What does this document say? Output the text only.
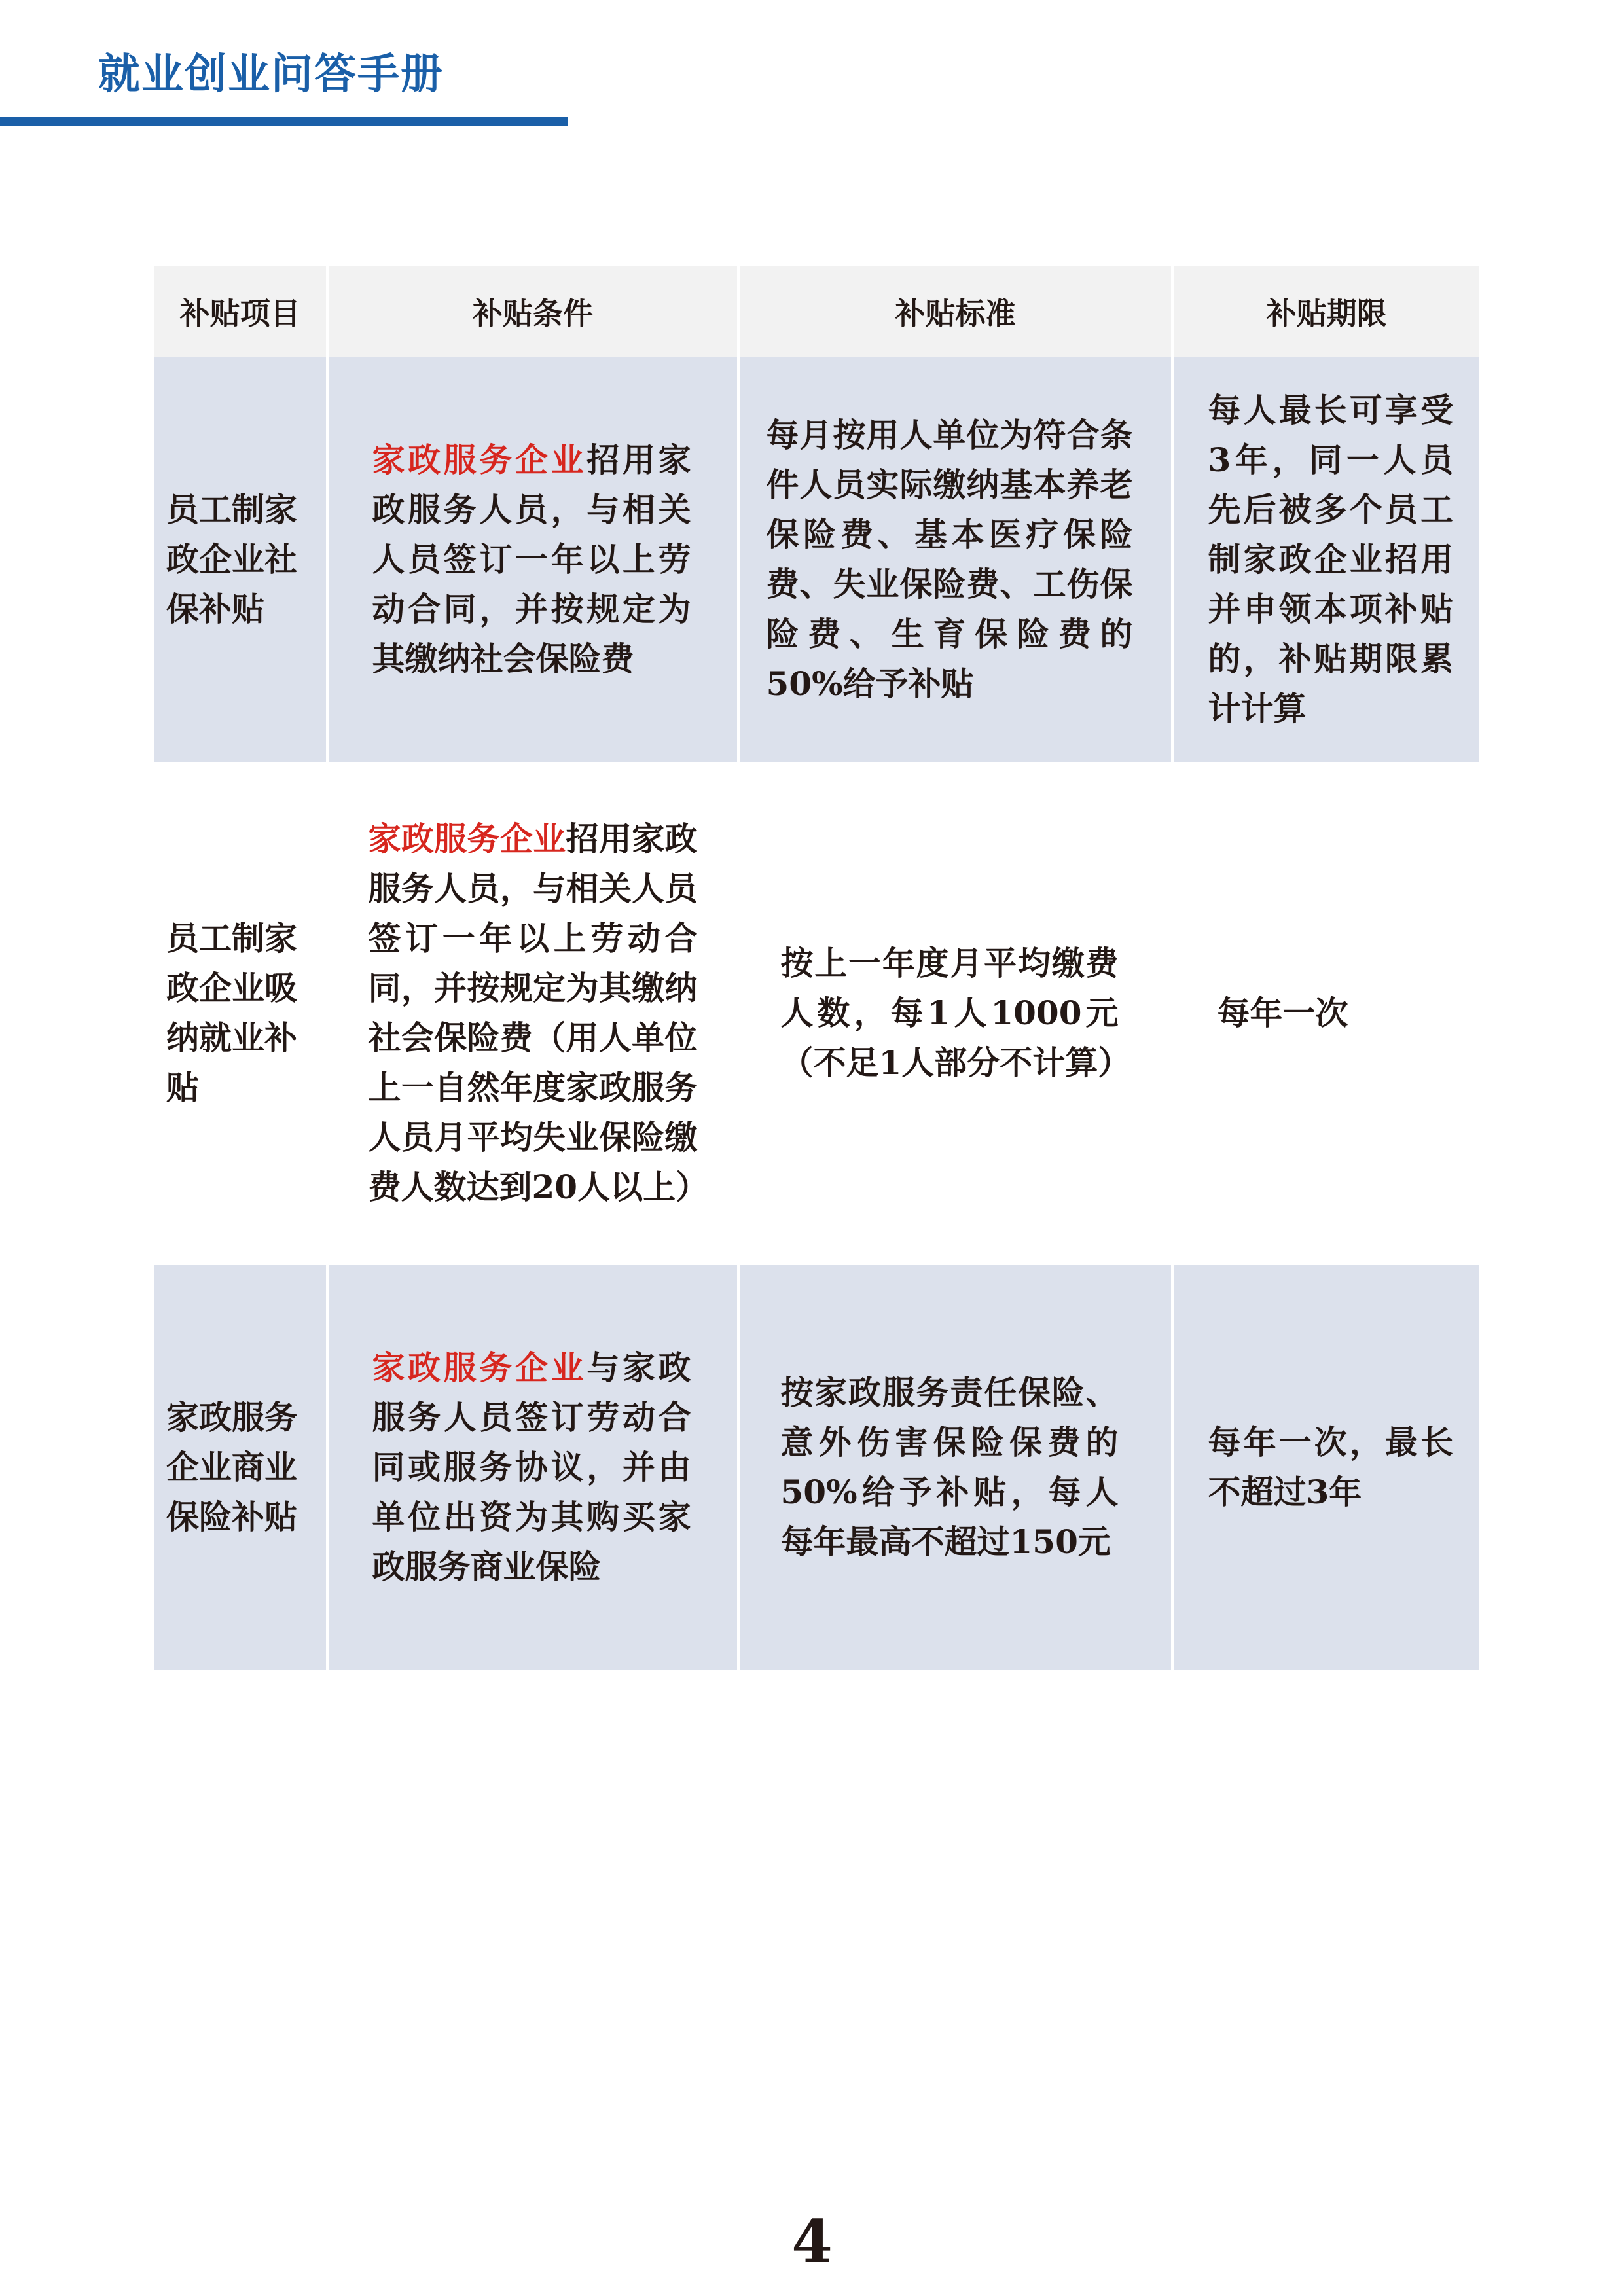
就业创业问答手册
补贴项目	补贴条件	补贴标准	补贴期限

员工制家政企业社保补贴	家政服务企业招用家政服务人员，与相关人员签订一年以上劳动合同，并按规定为其缴纳社会保险费	每月按用人单位为符合条件人员实际缴纳基本养老保险费、基本医疗保险费、失业保险费、工伤保险费、生育保险费的50%给予补贴	每人最长可享受3年，同一人员先后被多个员工制家政企业招用并申领本项补贴的，补贴期限累计计算

员工制家政企业吸纳就业补贴	家政服务企业招用家政服务人员，与相关人员签订一年以上劳动合同，并按规定为其缴纳社会保险费（用人单位上一自然年度家政服务人员月平均失业保险缴费人数达到20人以上）	按上一年度月平均缴费人数，每1人1000元（不足1人部分不计算）	每年一次

家政服务企业商业保险补贴	家政服务企业与家政服务人员签订劳动合同或服务协议，并由单位出资为其购买家政服务商业保险	按家政服务责任保险、意外伤害保险保费的50%给予补贴，每人每年最高不超过150元	每年一次，最长不超过3年
4
